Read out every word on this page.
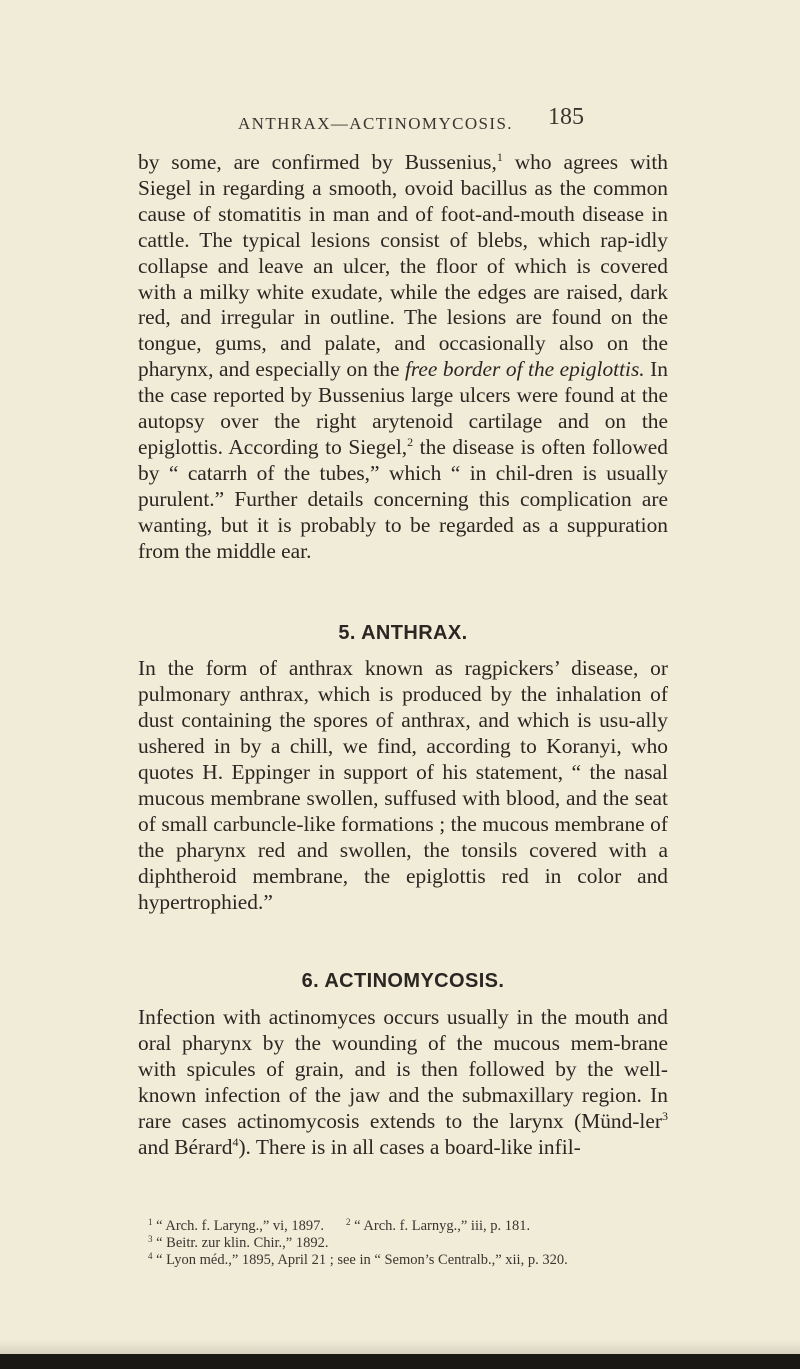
ANTHRAX—ACTINOMYCOSIS. 185

by some, are confirmed by Bussenius,$^1$ who agrees with Siegel in regarding a smooth, ovoid bacillus as the common cause of stomatitis in man and of foot-and-mouth disease in cattle. The typical lesions consist of blebs, which rap-idly collapse and leave an ulcer, the floor of which is covered with a milky white exudate, while the edges are raised, dark red, and irregular in outline. The lesions are found on the tongue, gums, and palate, and occasionally also on the pharynx, and especially on the free border of the epiglottis. In the case reported by Bussenius large ulcers were found at the autopsy over the right arytenoid cartilage and on the epiglottis. According to Siegel,$^2$ the disease is often followed by “ catarrh of the tubes,” which “ in chil-dren is usually purulent.” Further details concerning this complication are wanting, but it is probably to be regarded as a suppuration from the middle ear.

5. ANTHRAX.

In the form of anthrax known as ragpickers’ disease, or pulmonary anthrax, which is produced by the inhalation of dust containing the spores of anthrax, and which is usu-ally ushered in by a chill, we find, according to Koranyi, who quotes H. Eppinger in support of his statement, “ the nasal mucous membrane swollen, suffused with blood, and the seat of small carbuncle-like formations ; the mucous membrane of the pharynx red and swollen, the tonsils covered with a diphtheroid membrane, the epiglottis red in color and hypertrophied.”

6. ACTINOMYCOSIS.

Infection with actinomyces occurs usually in the mouth and oral pharynx by the wounding of the mucous mem-brane with spicules of grain, and is then followed by the well-known infection of the jaw and the submaxillary region. In rare cases actinomycosis extends to the larynx (Münd-ler$^3$ and Bérard$^4$). There is in all cases a board-like infil-

$^1$ “ Arch. f. Laryng.,” vi, 1897. $^2$ “ Arch. f. Larnyg.,” iii, p. 181.
$^3$ “ Beitr. zur klin. Chir.,” 1892.
$^4$ “ Lyon méd.,” 1895, April 21 ; see in “ Semon’s Centralb.,” xii, p. 320.
